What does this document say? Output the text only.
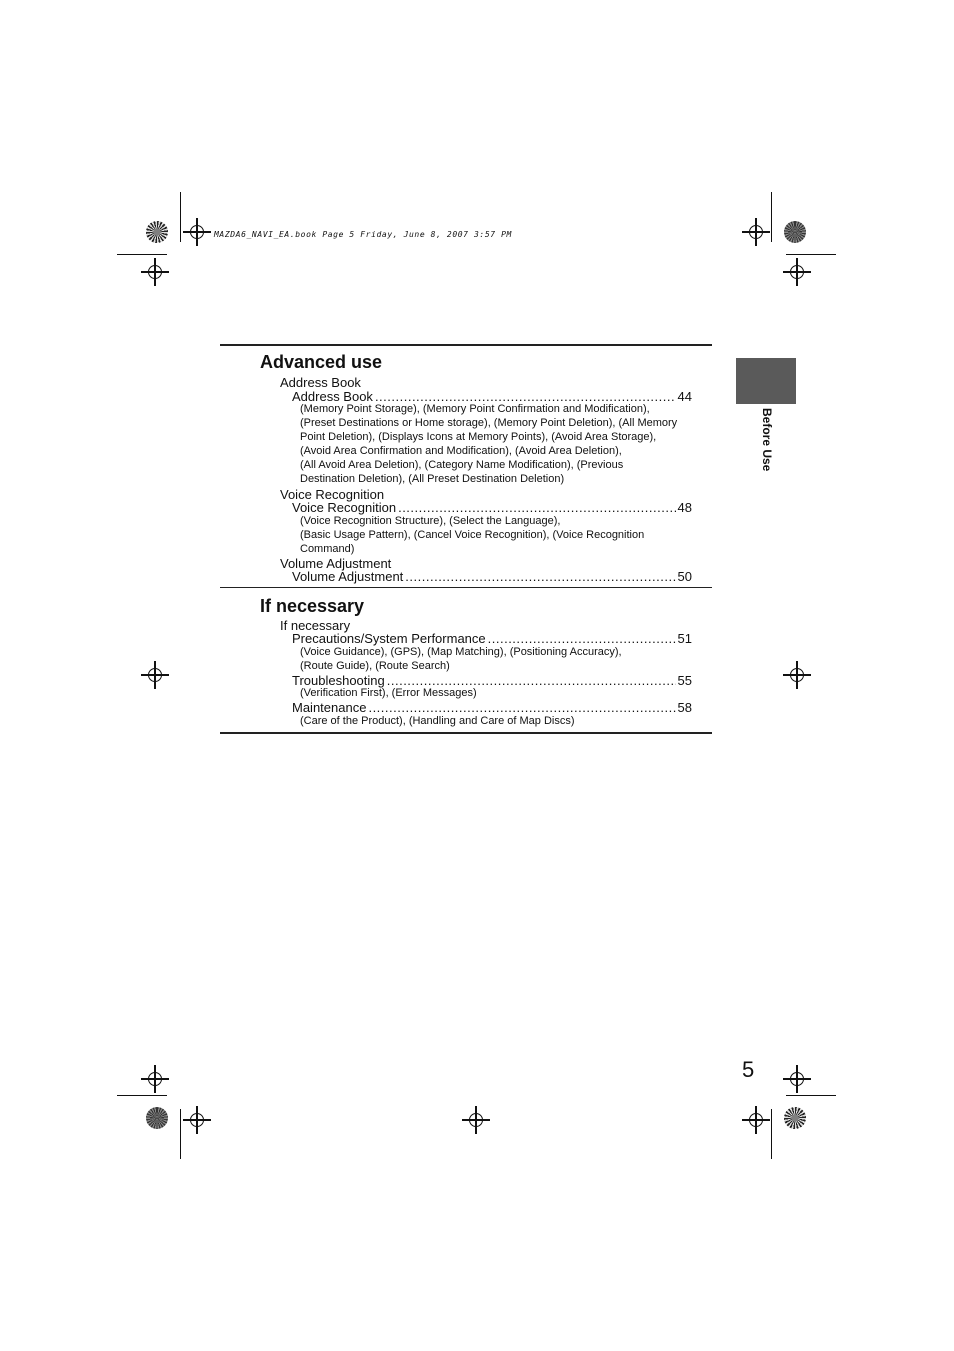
MAZDA6_NAVI_EA.book Page 5 Friday, June 8, 2007 3:57 PM
Before Use
Advanced use
Address Book
Address Book .....	44
(Memory Point Storage), (Memory Point Confirmation and Modification),
(Preset Destinations or Home storage), (Memory Point Deletion), (All Memory
Point Deletion), (Displays Icons at Memory Points), (Avoid Area Storage),
(Avoid Area Confirmation and Modification), (Avoid Area Deletion),
(All Avoid Area Deletion), (Category Name Modification), (Previous
Destination Deletion), (All Preset Destination Deletion)
Voice Recognition
Voice Recognition .....	48
(Voice Recognition Structure), (Select the Language),
(Basic Usage Pattern), (Cancel Voice Recognition), (Voice Recognition
Command)
Volume Adjustment
Volume Adjustment .....	50
If necessary
If necessary
Precautions/System Performance .....	51
(Voice Guidance), (GPS), (Map Matching), (Positioning Accuracy),
(Route Guide), (Route Search)
Troubleshooting .....	55
(Verification First), (Error Messages)
Maintenance .....	58
(Care of the Product), (Handling and Care of Map Discs)
5
